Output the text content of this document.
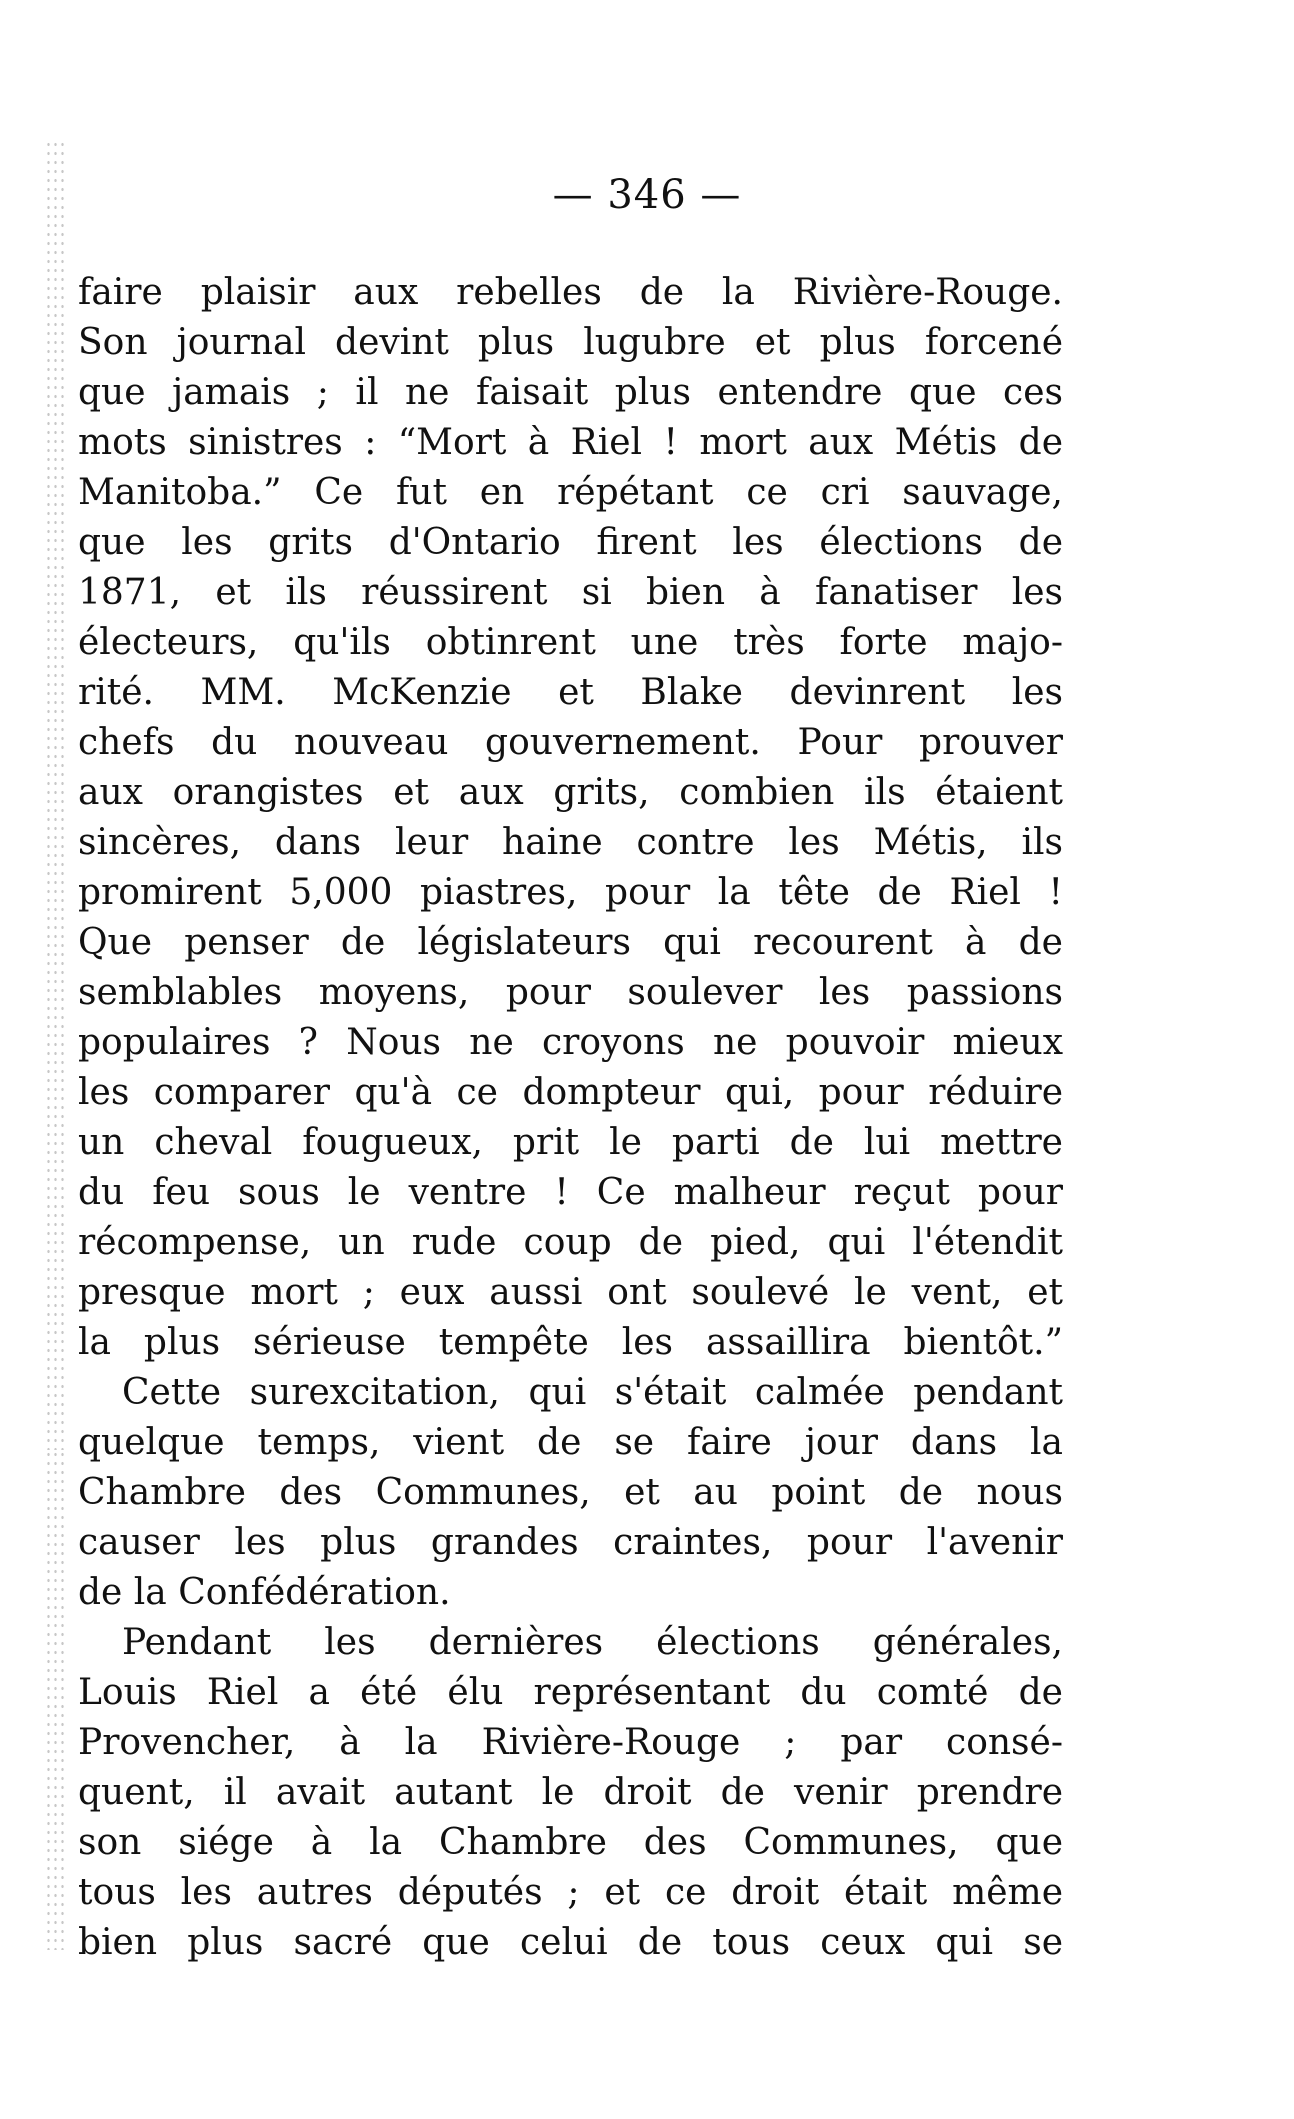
— 346 —
faire plaisir aux rebelles de la Rivière-Rouge.
Son journal devint plus lugubre et plus forcené
que jamais ; il ne faisait plus entendre que ces
mots sinistres : “Mort à Riel ! mort aux Métis de
Manitoba.” Ce fut en répétant ce cri sauvage,
que les grits d'Ontario firent les élections de
1871, et ils réussirent si bien à fanatiser les
électeurs, qu'ils obtinrent une très forte majo-
rité. MM. McKenzie et Blake devinrent les
chefs du nouveau gouvernement. Pour prouver
aux orangistes et aux grits, combien ils étaient
sincères, dans leur haine contre les Métis, ils
promirent 5,000 piastres, pour la tête de Riel !
Que penser de législateurs qui recourent à de
semblables moyens, pour soulever les passions
populaires ? Nous ne croyons ne pouvoir mieux
les comparer qu'à ce dompteur qui, pour réduire
un cheval fougueux, prit le parti de lui mettre
du feu sous le ventre ! Ce malheur reçut pour
récompense, un rude coup de pied, qui l'étendit
presque mort ; eux aussi ont soulevé le vent, et
la plus sérieuse tempête les assaillira bientôt.”
Cette surexcitation, qui s'était calmée pendant
quelque temps, vient de se faire jour dans la
Chambre des Communes, et au point de nous
causer les plus grandes craintes, pour l'avenir
de la Confédération.
Pendant les dernières élections générales,
Louis Riel a été élu représentant du comté de
Provencher, à la Rivière-Rouge ; par consé-
quent, il avait autant le droit de venir prendre
son siége à la Chambre des Communes, que
tous les autres députés ; et ce droit était même
bien plus sacré que celui de tous ceux qui se
